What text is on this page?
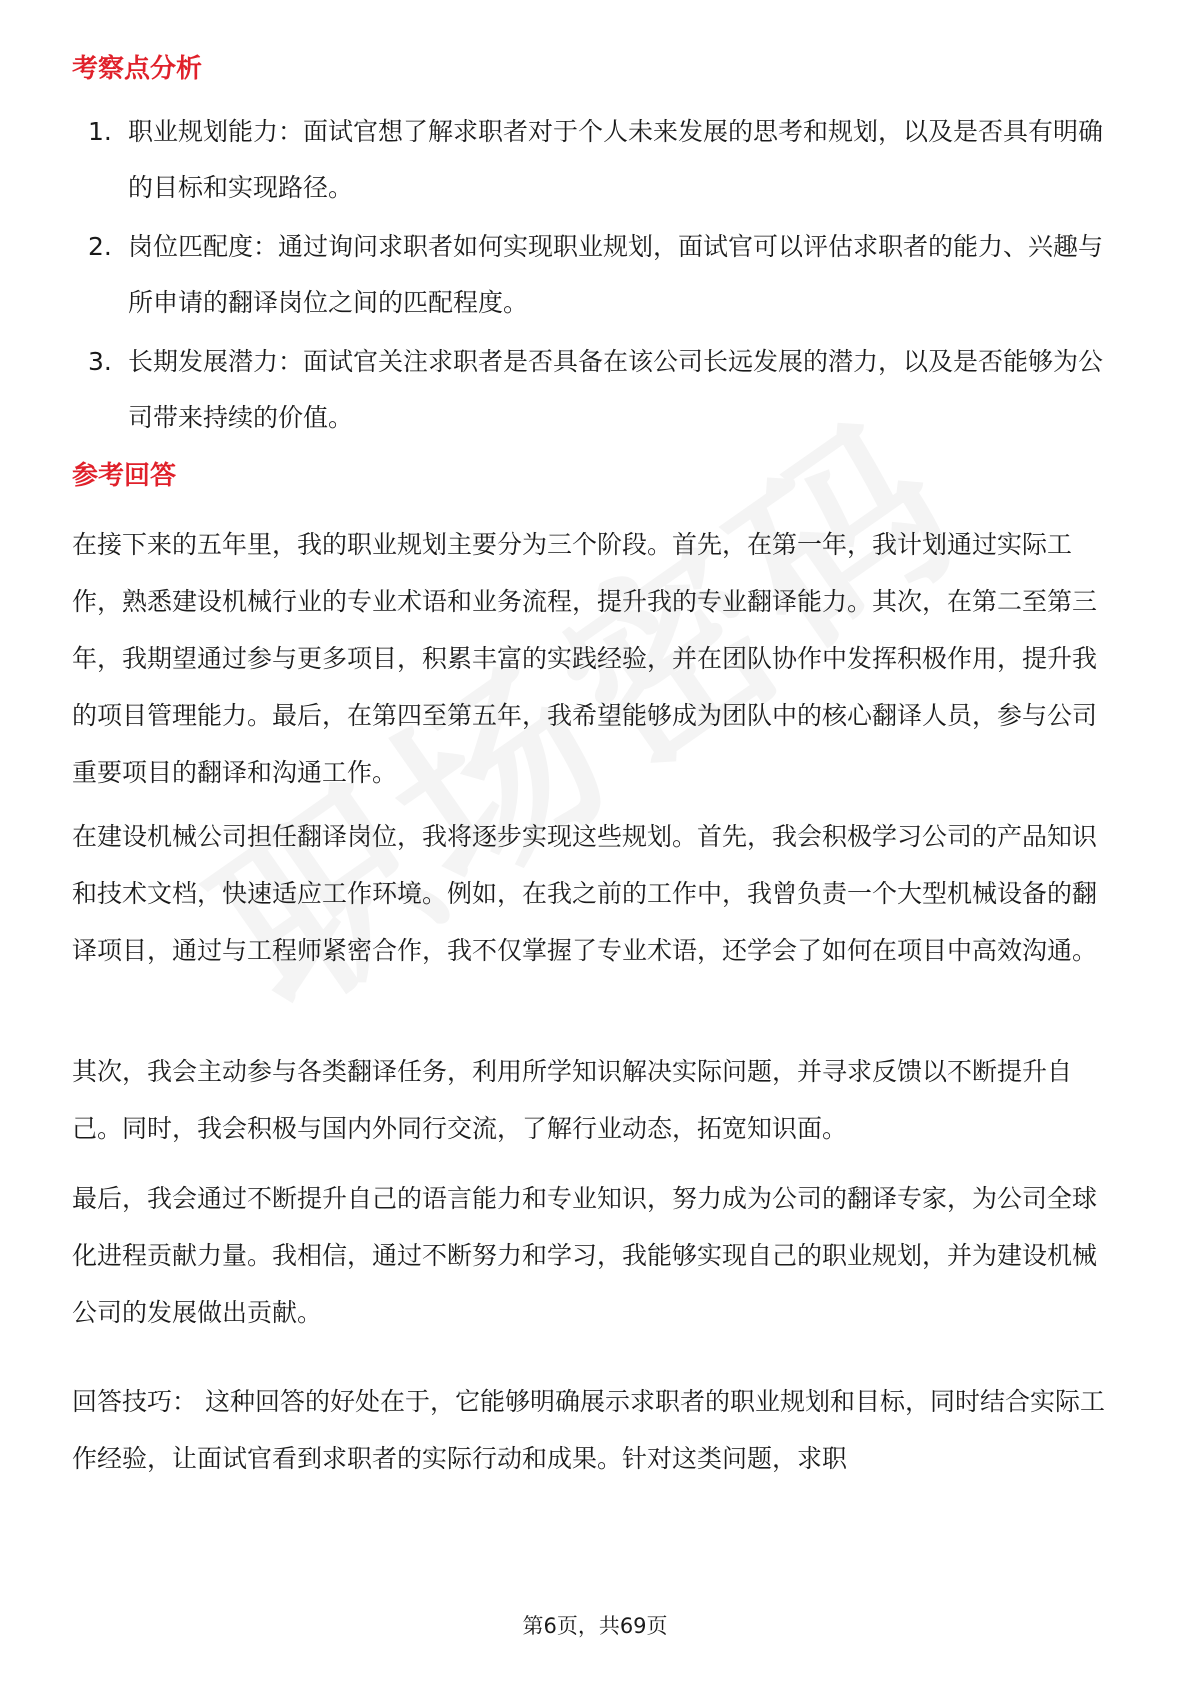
考察点分析
1. 职业规划能力：面试官想了解求职者对于个人未来发展的思考和规划，以及是否具有明确的目标和实现路径。
2. 岗位匹配度：通过询问求职者如何实现职业规划，面试官可以评估求职者的能力、兴趣与所申请的翻译岗位之间的匹配程度。
3. 长期发展潜力：面试官关注求职者是否具备在该公司长远发展的潜力，以及是否能够为公司带来持续的价值。
参考回答

在接下来的五年里，我的职业规划主要分为三个阶段。首先，在第一年，我计划通过实际工作，熟悉建设机械行业的专业术语和业务流程，提升我的专业翻译能力。其次，在第二至第三年，我期望通过参与更多项目，积累丰富的实践经验，并在团队协作中发挥积极作用，提升我的项目管理能力。最后，在第四至第五年，我希望能够成为团队中的核心翻译人员，参与公司重要项目的翻译和沟通工作。

在建设机械公司担任翻译岗位，我将逐步实现这些规划。首先，我会积极学习公司的产品知识和技术文档，快速适应工作环境。例如，在我之前的工作中，我曾负责一个大型机械设备的翻译项目，通过与工程师紧密合作，我不仅掌握了专业术语，还学会了如何在项目中高效沟通。

其次，我会主动参与各类翻译任务，利用所学知识解决实际问题，并寻求反馈以不断提升自己。同时，我会积极与国内外同行交流，了解行业动态，拓宽知识面。

最后，我会通过不断提升自己的语言能力和专业知识，努力成为公司的翻译专家，为公司全球化进程贡献力量。我相信，通过不断努力和学习，我能够实现自己的职业规划，并为建设机械公司的发展做出贡献。

回答技巧： 这种回答的好处在于，它能够明确展示求职者的职业规划和目标，同时结合实际工作经验，让面试官看到求职者的实际行动和成果。针对这类问题，求职

第6页，共69页
